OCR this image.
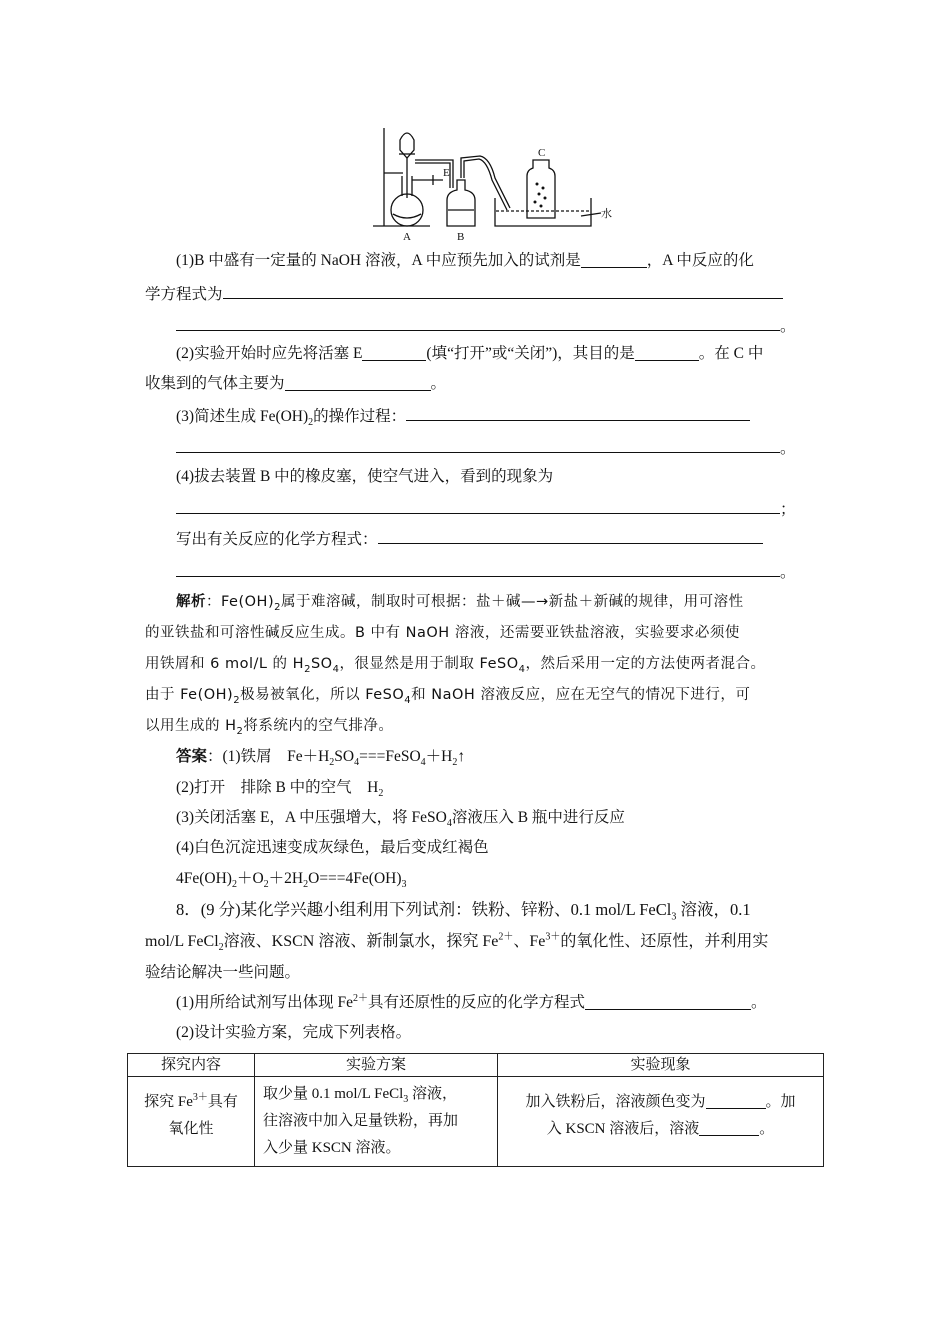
A	B
C
E
水
(1)B 中盛有一定量的 NaOH 溶液，A 中应预先加入的试剂是	，A 中反应的化
学方程式为
。
(2)实验开始时应先将活塞 E	(填“打开”或“关闭”)，其目的是	。在 C 中
收集到的气体主要为	。
(3)简述生成 $Fe(OH)_2$的操作过程：
。
(4)拔去装置 B 中的橡皮塞，使空气进入，看到的现象为
；
写出有关反应的化学方程式：
。
解析：$Fe(OH)_2$属于难溶碱，制取时可根据：盐＋碱—→新盐＋新碱的规律，用可溶性
的亚铁盐和可溶性碱反应生成。B 中有 NaOH 溶液，还需要亚铁盐溶液，实验要求必须使
用铁屑和 6 mol/L 的 $H_2SO_4$，很显然是用于制取 FeSO$_4$，然后采用一定的方法使两者混合。
由于 $Fe(OH)_2$极易被氧化，所以 FeSO$_4$和 NaOH 溶液反应，应在无空气的情况下进行，可
以用生成的 $H_2$将系统内的空气排净。
答案：(1)铁屑　$Fe+H_2SO_4===FeSO_4+H_2↑$
(2)打开　排除 B 中的空气　$H_2$
(3)关闭活塞 E，A 中压强增大，将 FeSO$_4$溶液压入 B 瓶中进行反应
(4)白色沉淀迅速变成灰绿色，最后变成红褐色
$4Fe(OH)_2+O_2+2H_2O===4Fe(OH)_3$
8．(9 分)某化学兴趣小组利用下列试剂：铁粉、锌粉、0.1 mol/L FeCl$_3$ 溶液，0.1
mol/L FeCl$_2$溶液、KSCN 溶液、新制氯水，探究 $Fe^{2+}$、$Fe^{3+}$的氧化性、还原性，并利用实
验结论解决一些问题。
(1)用所给试剂写出体现 $Fe^{2+}$具有还原性的反应的化学方程式	。
(2)设计实验方案，完成下列表格。
探究内容	实验方案	实验现象
探究 $Fe^{3+}$具有
氧化性	取少量 0.1 mol/L FeCl$_3$ 溶液，
往溶液中加入足量铁粉，再加
入少量 KSCN 溶液。	加入铁粉后，溶液颜色变为 。加
入 KSCN 溶液后，溶液 。
